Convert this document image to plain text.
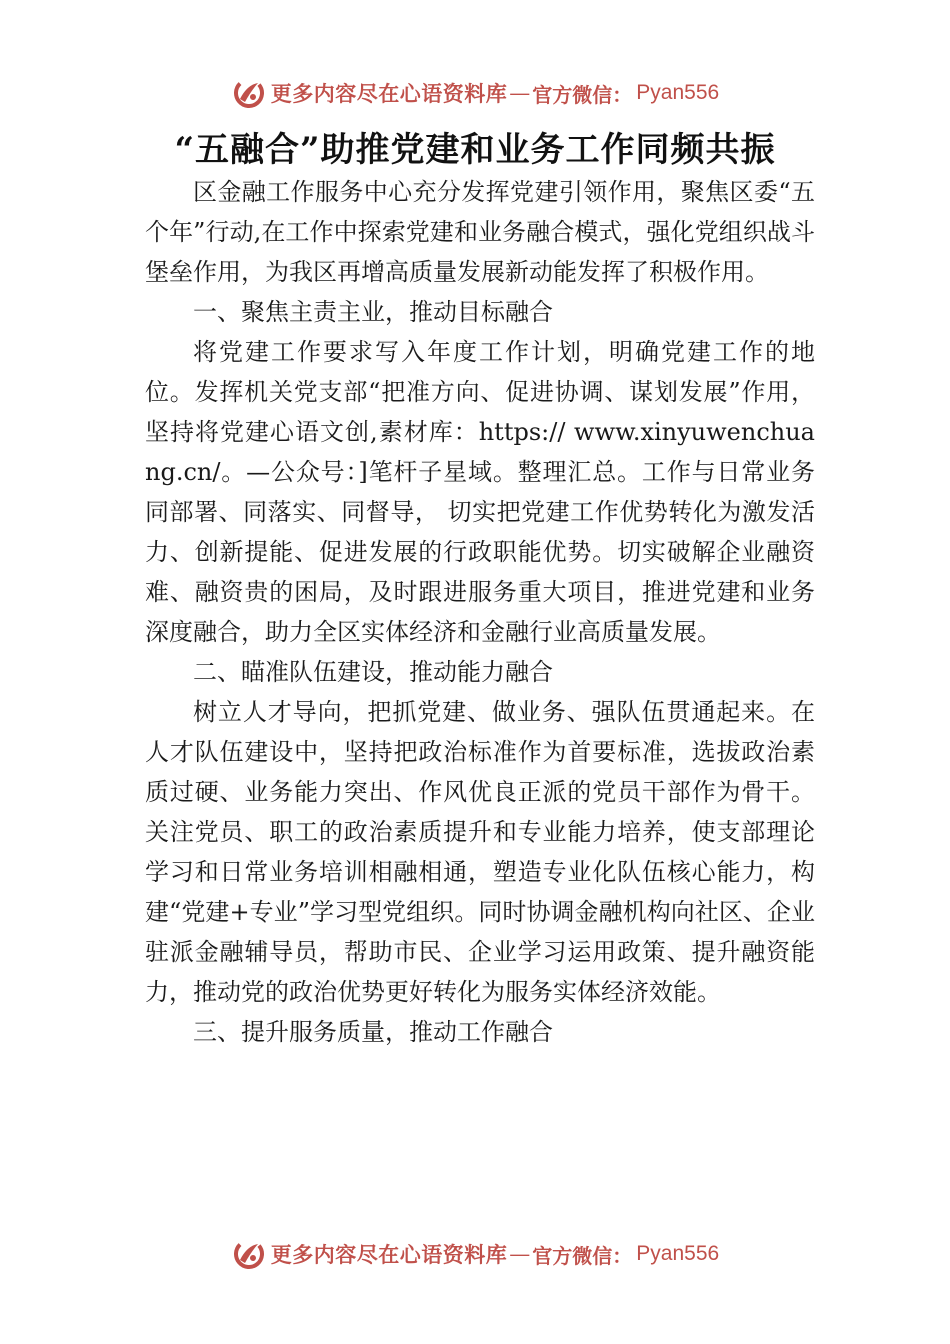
更多内容尽在心语资料库 — 官方微信： Pyan556
“五融合”助推党建和业务工作同频共振

区金融工作服务中心充分发挥党建引领作用，聚焦区委“五个年”行动,在工作中探索党建和业务融合模式，强化党组织战斗堡垒作用，为我区再增高质量发展新动能发挥了积极作用。

一、聚焦主责主业，推动目标融合

将党建工作要求写入年度工作计划，明确党建工作的地位。发挥机关党支部“把准方向、促进协调、谋划发展”作用，坚持将党建心语文创,素材库：https:// www.xinyuwenchuang.cn/。—公众号：]笔杆子星域。整理汇总。工作与日常业务同部署、同落实、同督导， 切实把党建工作优势转化为激发活力、创新提能、促进发展的行政职能优势。切实破解企业融资难、融资贵的困局，及时跟进服务重大项目，推进党建和业务深度融合，助力全区实体经济和金融行业高质量发展。

二、瞄准队伍建设，推动能力融合

树立人才导向，把抓党建、做业务、强队伍贯通起来。在人才队伍建设中，坚持把政治标准作为首要标准，选拔政治素质过硬、业务能力突出、作风优良正派的党员干部作为骨干。关注党员、职工的政治素质提升和专业能力培养，使支部理论学习和日常业务培训相融相通，塑造专业化队伍核心能力，构建“党建+专业”学习型党组织。同时协调金融机构向社区、企业驻派金融辅导员，帮助市民、企业学习运用政策、提升融资能力，推动党的政治优势更好转化为服务实体经济效能。

三、提升服务质量，推动工作融合

更多内容尽在心语资料库 — 官方微信： Pyan556
